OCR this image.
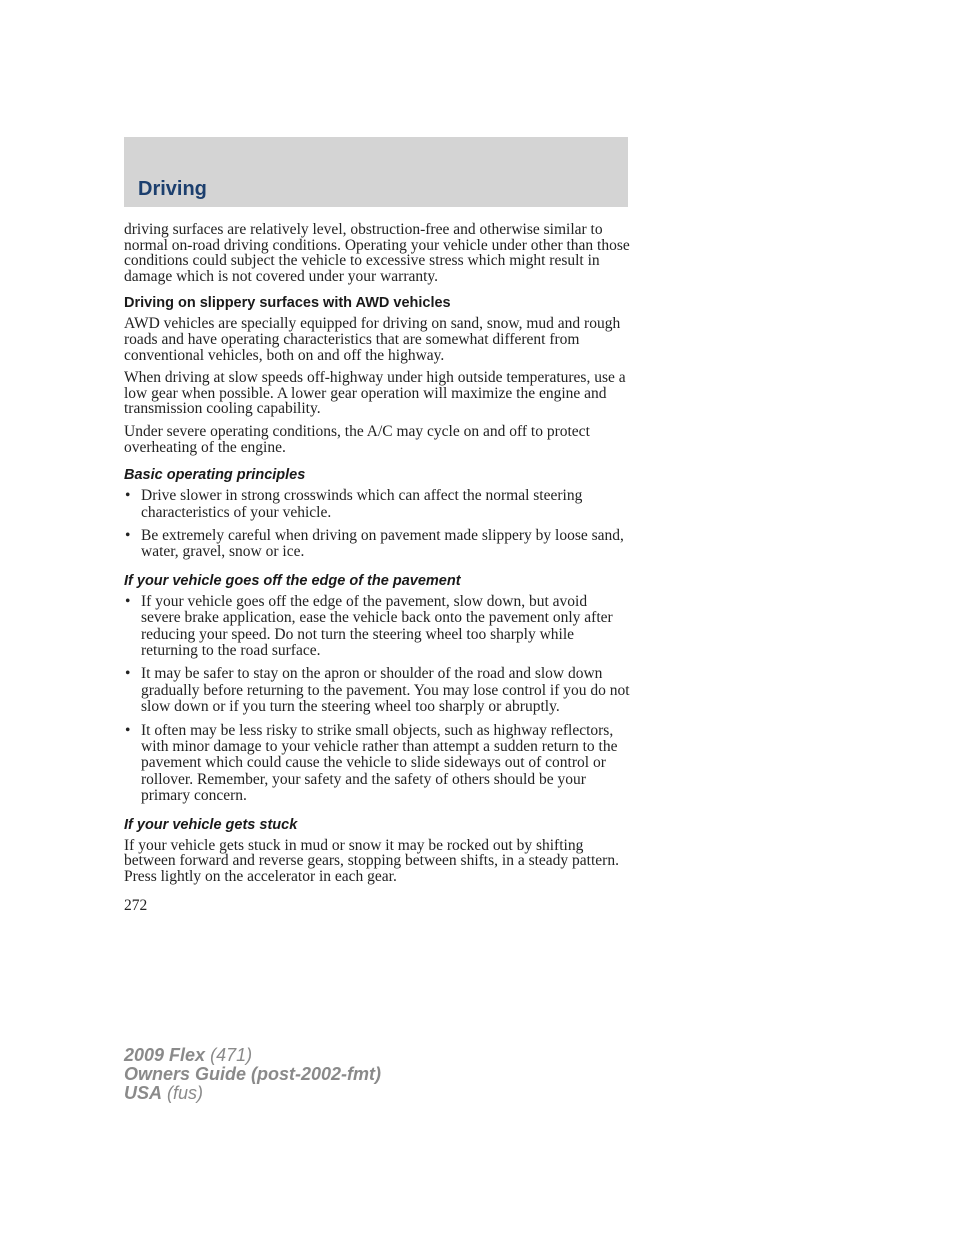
Driving

driving surfaces are relatively level, obstruction-free and otherwise similar to normal on-road driving conditions. Operating your vehicle under other than those conditions could subject the vehicle to excessive stress which might result in damage which is not covered under your warranty.

Driving on slippery surfaces with AWD vehicles

AWD vehicles are specially equipped for driving on sand, snow, mud and rough roads and have operating characteristics that are somewhat different from conventional vehicles, both on and off the highway.

When driving at slow speeds off-highway under high outside temperatures, use a low gear when possible. A lower gear operation will maximize the engine and transmission cooling capability.

Under severe operating conditions, the A/C may cycle on and off to protect overheating of the engine.

Basic operating principles
• Drive slower in strong crosswinds which can affect the normal steering characteristics of your vehicle.
• Be extremely careful when driving on pavement made slippery by loose sand, water, gravel, snow or ice.
If your vehicle goes off the edge of the pavement
• If your vehicle goes off the edge of the pavement, slow down, but avoid severe brake application, ease the vehicle back onto the pavement only after reducing your speed. Do not turn the steering wheel too sharply while returning to the road surface.
• It may be safer to stay on the apron or shoulder of the road and slow down gradually before returning to the pavement. You may lose control if you do not slow down or if you turn the steering wheel too sharply or abruptly.
• It often may be less risky to strike small objects, such as highway reflectors, with minor damage to your vehicle rather than attempt a sudden return to the pavement which could cause the vehicle to slide sideways out of control or rollover. Remember, your safety and the safety of others should be your primary concern.
If your vehicle gets stuck

If your vehicle gets stuck in mud or snow it may be rocked out by shifting between forward and reverse gears, stopping between shifts, in a steady pattern. Press lightly on the accelerator in each gear.

272
2009 Flex (471)
Owners Guide (post-2002-fmt)
USA (fus)
